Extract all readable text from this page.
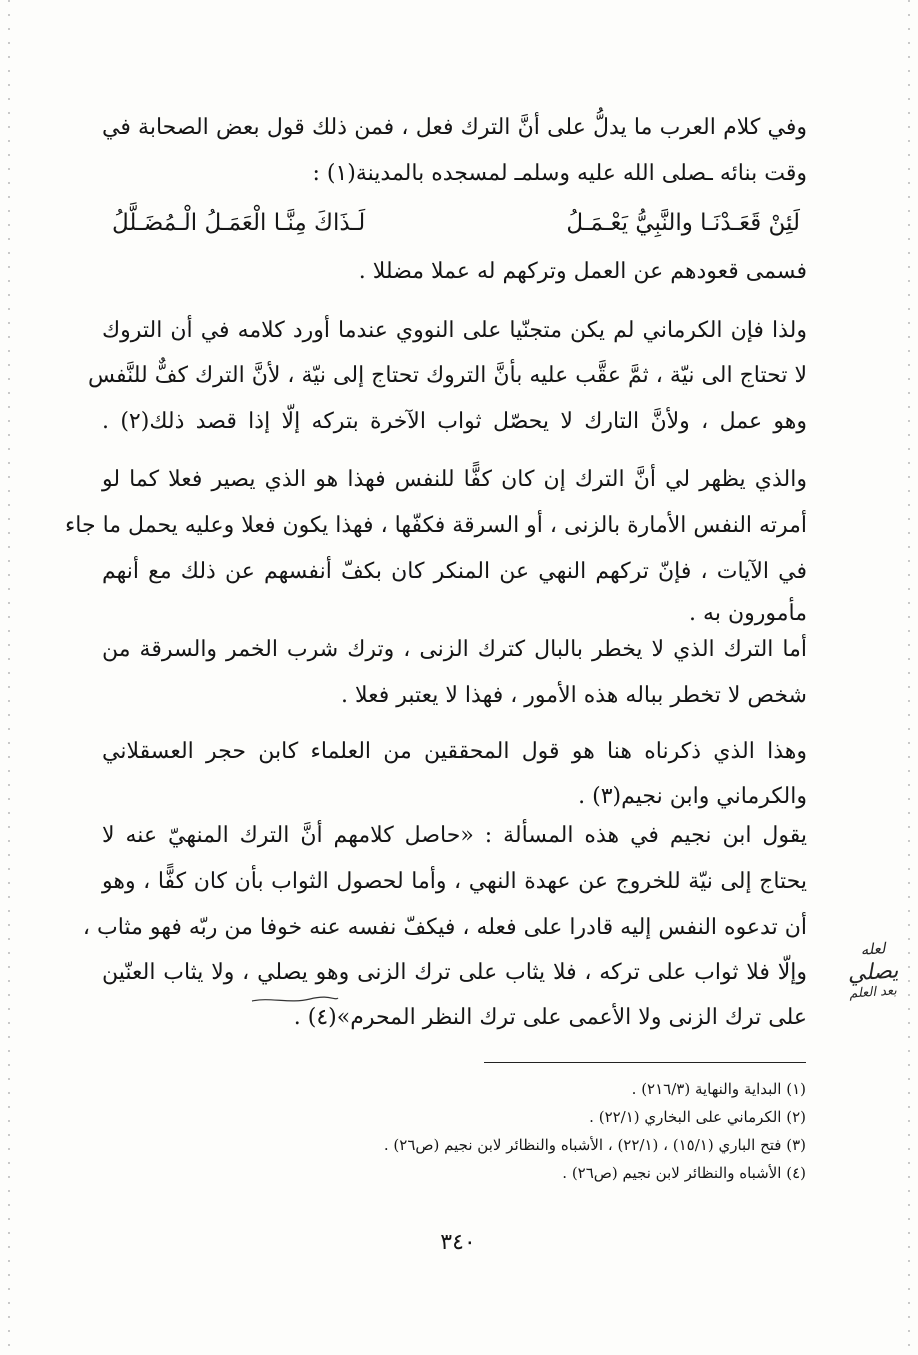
وفي كلام العرب ما يدلُّ على أنَّ الترك فعل ، فمن ذلك قول بعض الصحابة في
وقت بنائه ـصلى الله عليه وسلمـ لمسجده بالمدينة(١) :
فسمى قعودهم عن العمل وتركهم له عملا مضللا .
ولذا فإن الكرماني لم يكن متجنّيا على النووي عندما أورد كلامه في أن التروك
لا تحتاج الى نيّة ، ثمَّ عقَّب عليه بأنَّ التروك تحتاج إلى نيّة ، لأنَّ الترك كفٌّ للنَّفس
وهو عمل ، ولأنَّ التارك لا يحصّل ثواب الآخرة بتركه إلّا إذا قصد ذلك(٢) .
والذي يظهر لي أنَّ الترك إن كان كفًّا للنفس فهذا هو الذي يصير فعلا كما لو
أمرته النفس الأمارة بالزنى ، أو السرقة فكفّها ، فهذا يكون فعلا وعليه يحمل ما جاء
في الآيات ، فإنّ تركهم النهي عن المنكر كان بكفّ أنفسهم عن ذلك مع أنهم
مأمورون به .
أما الترك الذي لا يخطر بالبال كترك الزنى ، وترك شرب الخمر والسرقة من
شخص لا تخطر بباله هذه الأمور ، فهذا لا يعتبر فعلا .
وهذا الذي ذكرناه هنا هو قول المحققين من العلماء كابن حجر العسقلاني
والكرماني وابن نجيم(٣) .
يقول ابن نجيم في هذه المسألة : «حاصل كلامهم أنَّ الترك المنهيّ عنه لا
يحتاج إلى نيّة للخروج عن عهدة النهي ، وأما لحصول الثواب بأن كان كفًّا ، وهو
أن تدعوه النفس إليه قادرا على فعله ، فيكفّ نفسه عنه خوفا من ربّه فهو مثاب ،
وإلّا فلا ثواب على تركه ، فلا يثاب على ترك الزنى وهو يصلي ، ولا يثاب العنّين
على ترك الزنى ولا الأعمى على ترك النظر المحرم»(٤) .
لَئِنْ قَعَـدْنَـا والنَّبِيُّ يَعْـمَـلُ
لَـذَاكَ مِنَّـا الْعَمَـلُ الْـمُضَـلَّلُ
لعله
يصلي
بعد العلم
(١) البداية والنهاية (٢١٦/٣) .
(٢) الكرماني على البخاري (٢٢/١) .
(٣) فتح الباري (١٥/١) ، (٢٢/١) ، الأشباه والنظائر لابن نجيم (ص٢٦) .
(٤) الأشباه والنظائر لابن نجيم (ص٢٦) .
٣٤٠
